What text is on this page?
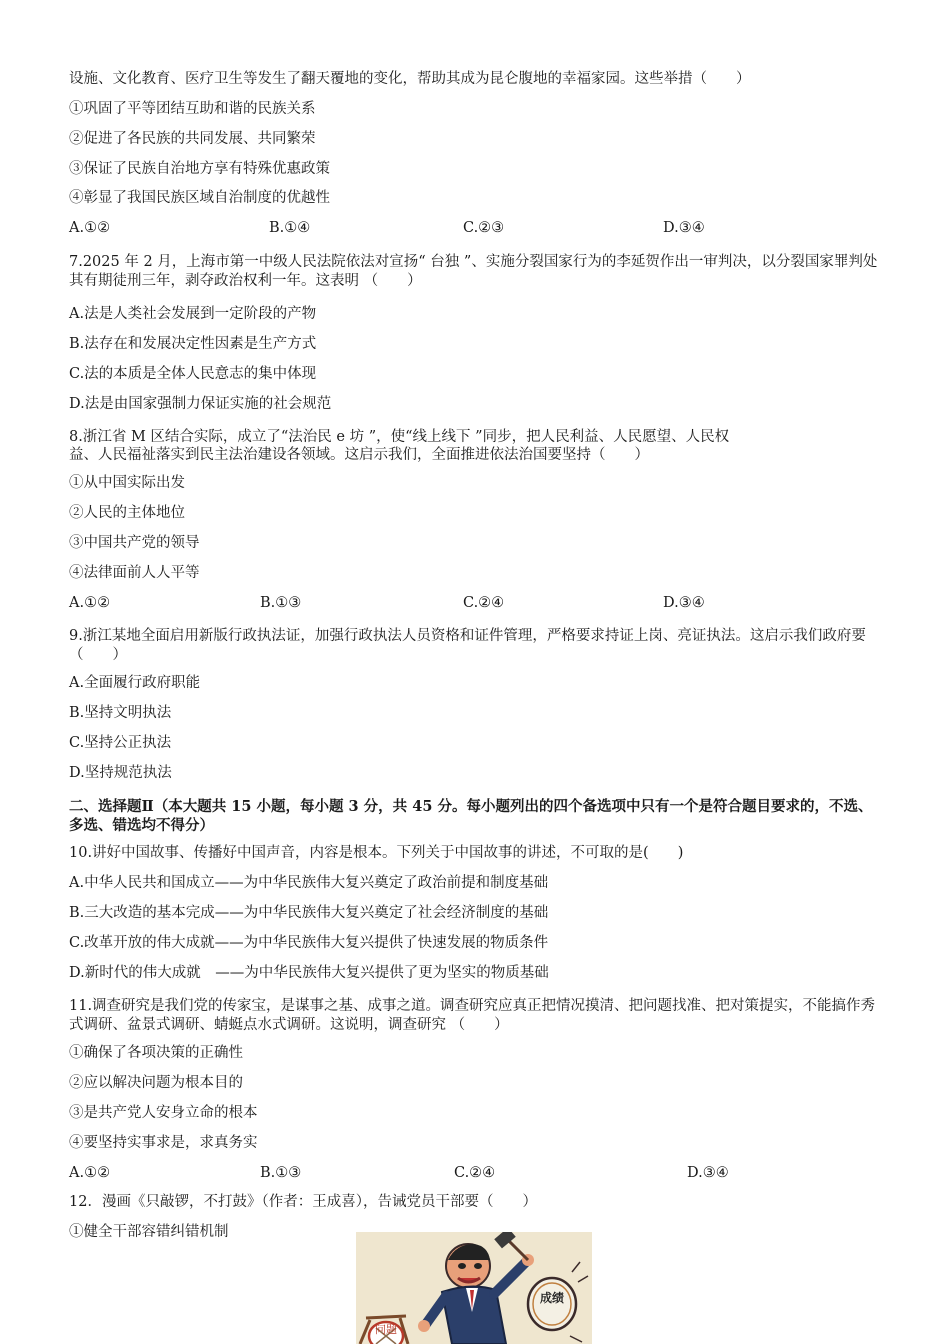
设施、文化教育、医疗卫生等发生了翻天覆地的变化，帮助其成为昆仑腹地的幸福家园。这些举措（　　）
①巩固了平等团结互助和谐的民族关系
②促进了各民族的共同发展、共同繁荣
③保证了民族自治地方享有特殊优惠政策
④彰显了我国民族区域自治制度的优越性
A.①②	B.①④	C.②③	D.③④
7.2025 年 2 月，上海市第一中级人民法院依法对宣扬“ 台独 ”、实施分裂国家行为的李延贺作出一审判决，以分裂国家罪判处其有期徒刑三年，剥夺政治权利一年。这表明 （　　）
A.法是人类社会发展到一定阶段的产物
B.法存在和发展决定性因素是生产方式
C.法的本质是全体人民意志的集中体现
D.法是由国家强制力保证实施的社会规范
8.浙江省 M 区结合实际，成立了“法治民 e 坊 ”，使“线上线下 ”同步，把人民利益、人民愿望、人民权
益、人民福祉落实到民主法治建设各领域。这启示我们，全面推进依法治国要坚持（　　）
①从中国实际出发
②人民的主体地位
③中国共产党的领导
④法律面前人人平等
A.①②	B.①③	C.②④	D.③④
9.浙江某地全面启用新版行政执法证，加强行政执法人员资格和证件管理，严格要求持证上岗、亮证执法。这启示我们政府要 （　　）
A.全面履行政府职能
B.坚持文明执法
C.坚持公正执法
D.坚持规范执法
二、选择题Ⅱ（本大题共 15 小题，每小题 3 分，共 45 分。每小题列出的四个备选项中只有一个是符合题目要求的，不选、多选、错选均不得分）
10.讲好中国故事、传播好中国声音，内容是根本。下列关于中国故事的讲述，不可取的是(　　)
A.中华人民共和国成立——为中华民族伟大复兴奠定了政治前提和制度基础
B.三大改造的基本完成——为中华民族伟大复兴奠定了社会经济制度的基础
C.改革开放的伟大成就——为中华民族伟大复兴提供了快速发展的物质条件
D.新时代的伟大成就　——为中华民族伟大复兴提供了更为坚实的物质基础
11.调查研究是我们党的传家宝，是谋事之基、成事之道。调查研究应真正把情况摸清、把问题找准、把对策提实，不能搞作秀式调研、盆景式调研、蜻蜓点水式调研。这说明，调查研究 （　　）
①确保了各项决策的正确性
②应以解决问题为根本目的
③是共产党人安身立命的根本
④要坚持实事求是，求真务实
A.①②	B.①③	C.②④	D.③④
12．漫画《只敲锣，不打鼓》（作者：王成喜），告诫党员干部要（　　）
①健全干部容错纠错机制
问题
成绩
